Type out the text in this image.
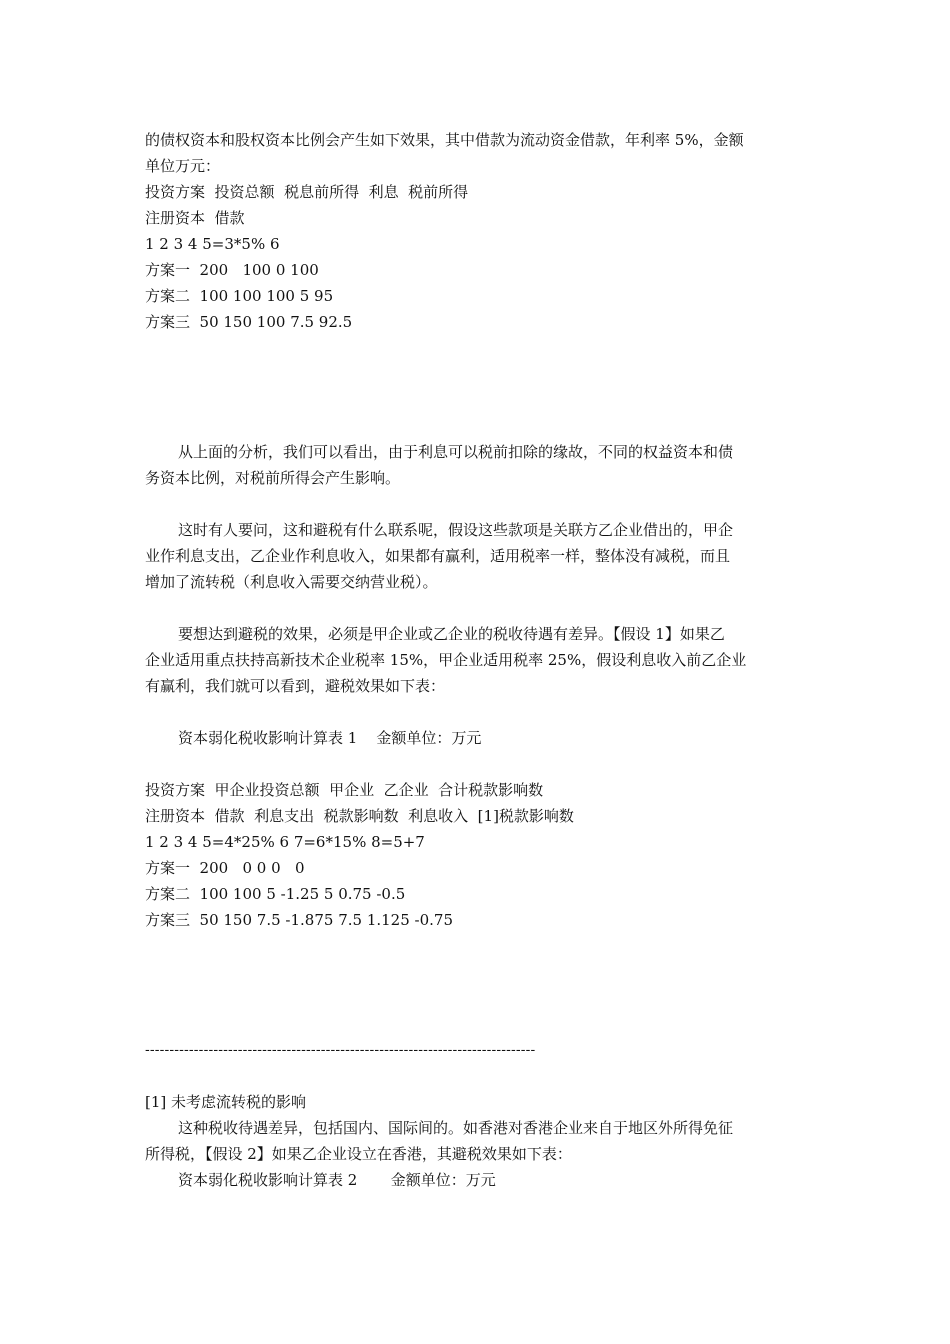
的债权资本和股权资本比例会产生如下效果，其中借款为流动资金借款，年利率 5%，金额
单位万元：
投资方案  投资总额  税息前所得  利息  税前所得
注册资本  借款
1 2 3 4 5=3*5% 6
方案一  200   100 0 100
方案二  100 100 100 5 95
方案三  50 150 100 7.5 92.5
从上面的分析，我们可以看出，由于利息可以税前扣除的缘故，不同的权益资本和债
务资本比例，对税前所得会产生影响。
这时有人要问，这和避税有什么联系呢，假设这些款项是关联方乙企业借出的，甲企
业作利息支出，乙企业作利息收入，如果都有赢利，适用税率一样，整体没有减税，而且
增加了流转税（利息收入需要交纳营业税）。
要想达到避税的效果，必须是甲企业或乙企业的税收待遇有差异。【假设 1】如果乙
企业适用重点扶持高新技术企业税率 15%，甲企业适用税率 25%，假设利息收入前乙企业
有赢利，我们就可以看到，避税效果如下表：
资本弱化税收影响计算表 1    金额单位：万元
投资方案  甲企业投资总额  甲企业  乙企业  合计税款影响数
注册资本  借款  利息支出  税款影响数  利息收入  [1]税款影响数
1 2 3 4 5=4*25% 6 7=6*15% 8=5+7
方案一  200   0 0 0   0
方案二  100 100 5 -1.25 5 0.75 -0.5
方案三  50 150 7.5 -1.875 7.5 1.125 -0.75
--------------------------------------------------------------------------------
[1] 未考虑流转税的影响
这种税收待遇差异，包括国内、国际间的。如香港对香港企业来自于地区外所得免征
所得税，【假设 2】如果乙企业设立在香港，其避税效果如下表：
资本弱化税收影响计算表 2       金额单位：万元
